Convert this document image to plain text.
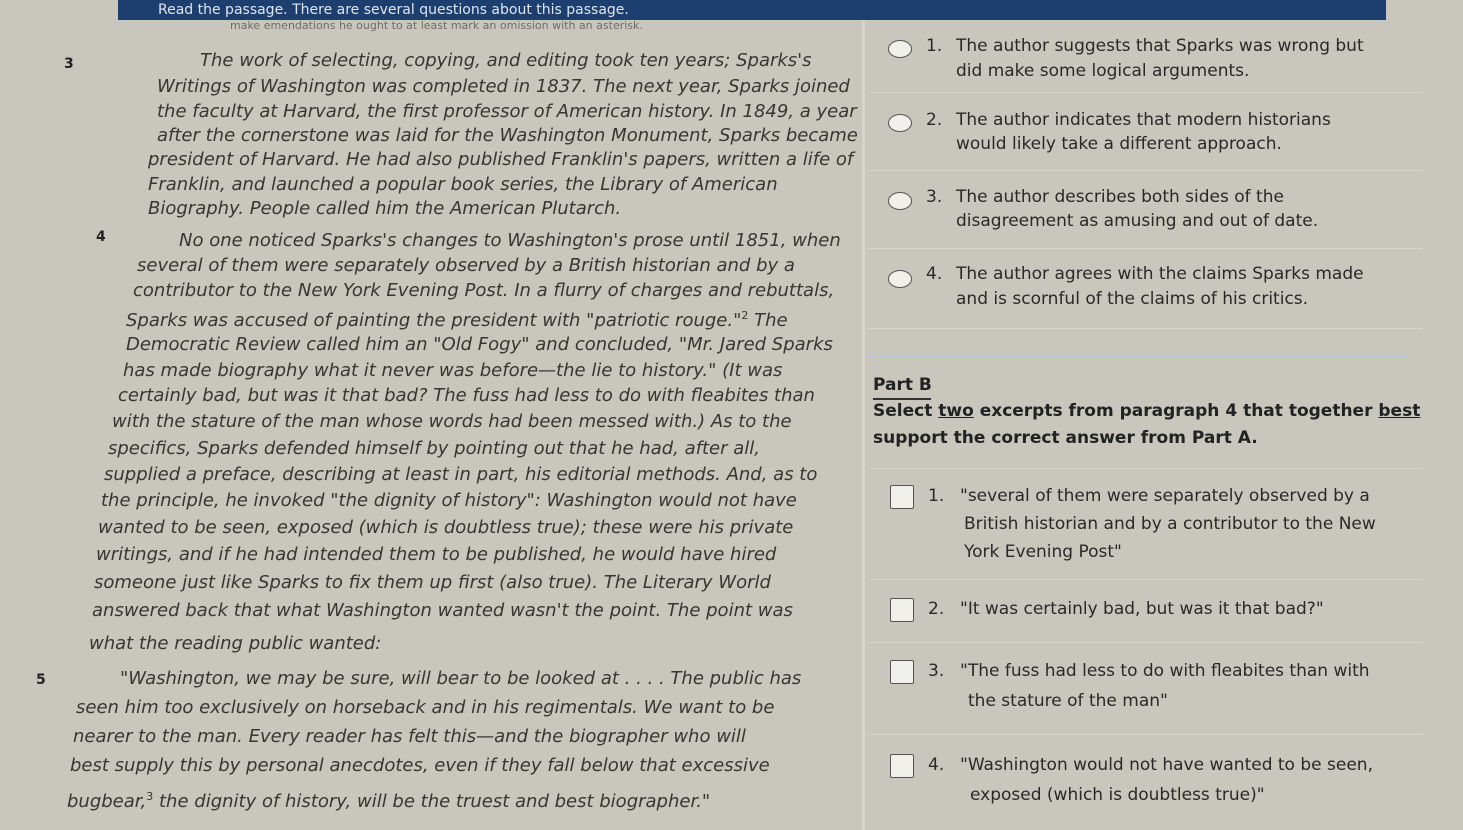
Read the passage. There are several questions about this passage.
make emendations he ought to at least mark an omission with an asterisk.
3	The work of selecting, copying, and editing took ten years; Sparks's
Writings of Washington was completed in 1837. The next year, Sparks joined
the faculty at Harvard, the first professor of American history. In 1849, a year
after the cornerstone was laid for the Washington Monument, Sparks became
president of Harvard. He had also published Franklin's papers, written a life of
Franklin, and launched a popular book series, the Library of American
Biography. People called him the American Plutarch.
4	No one noticed Sparks's changes to Washington's prose until 1851, when
several of them were separately observed by a British historian and by a
contributor to the New York Evening Post. In a flurry of charges and rebuttals,
Sparks was accused of painting the president with "patriotic rouge."$^2$ The
Democratic Review called him an "Old Fogy" and concluded, "Mr. Jared Sparks
has made biography what it never was before—the lie to history." (It was
certainly bad, but was it that bad? The fuss had less to do with fleabites than
with the stature of the man whose words had been messed with.) As to the
specifics, Sparks defended himself by pointing out that he had, after all,
supplied a preface, describing at least in part, his editorial methods. And, as to
the principle, he invoked "the dignity of history": Washington would not have
wanted to be seen, exposed (which is doubtless true); these were his private
writings, and if he had intended them to be published, he would have hired
someone just like Sparks to fix them up first (also true). The Literary World
answered back that what Washington wanted wasn't the point. The point was
what the reading public wanted:
5	"Washington, we may be sure, will bear to be looked at . . . . The public has
seen him too exclusively on horseback and in his regimentals. We want to be
nearer to the man. Every reader has felt this—and the biographer who will
best supply this by personal anecdotes, even if they fall below that excessive
bugbear,$^3$ the dignity of history, will be the truest and best biographer."
1. The author suggests that Sparks was wrong but
did make some logical arguments.
2. The author indicates that modern historians
would likely take a different approach.
3. The author describes both sides of the
disagreement as amusing and out of date.
4. The author agrees with the claims Sparks made
and is scornful of the claims of his critics.
Part B
Select two excerpts from paragraph 4 that together best
support the correct answer from Part A.
1. "several of them were separately observed by a
British historian and by a contributor to the New
York Evening Post"
2. "It was certainly bad, but was it that bad?"
3. "The fuss had less to do with fleabites than with
the stature of the man"
4. "Washington would not have wanted to be seen,
exposed (which is doubtless true)"
